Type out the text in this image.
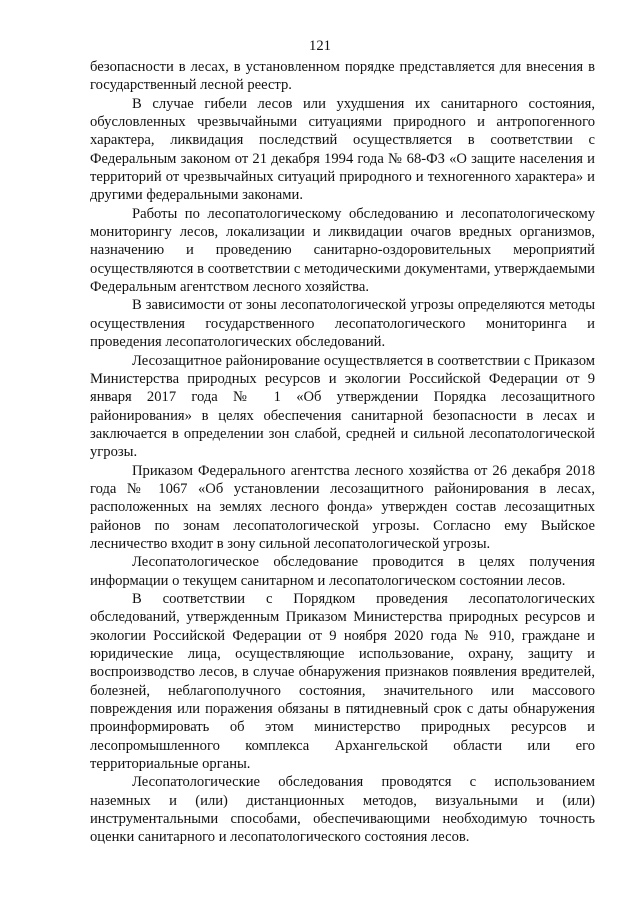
121

безопасности в лесах, в установленном порядке представляется для внесения в государственный лесной реестр.

В случае гибели лесов или ухудшения их санитарного состояния, обусловленных чрезвычайными ситуациями природного и антропогенного характера, ликвидация последствий осуществляется в соответствии с Федеральным законом от 21 декабря 1994 года № 68-ФЗ «О защите населения и территорий от чрезвычайных ситуаций природного и техногенного характера» и другими федеральными законами.

Работы по лесопатологическому обследованию и лесопатологическому мониторингу лесов, локализации и ликвидации очагов вредных организмов, назначению и проведению санитарно-оздоровительных мероприятий осуществляются в соответствии с методическими документами, утверждаемыми Федеральным агентством лесного хозяйства.

В зависимости от зоны лесопатологической угрозы определяются методы осуществления государственного лесопатологического мониторинга и проведения лесопатологических обследований.

Лесозащитное районирование осуществляется в соответствии с Приказом Министерства природных ресурсов и экологии Российской Федерации от 9 января 2017 года № 1 «Об утверждении Порядка лесозащитного районирования» в целях обеспечения санитарной безопасности в лесах и заключается в определении зон слабой, средней и сильной лесопатологической угрозы.

Приказом Федерального агентства лесного хозяйства от 26 декабря 2018 года № 1067 «Об установлении лесозащитного районирования в лесах, расположенных на землях лесного фонда» утвержден состав лесозащитных районов по зонам лесопатологической угрозы. Согласно ему Выйское лесничество входит в зону сильной лесопатологической угрозы.

Лесопатологическое обследование проводится в целях получения информации о текущем санитарном и лесопатологическом состоянии лесов.

В соответствии с Порядком проведения лесопатологических обследований, утвержденным Приказом Министерства природных ресурсов и экологии Российской Федерации от 9 ноября 2020 года № 910, граждане и юридические лица, осуществляющие использование, охрану, защиту и воспроизводство лесов, в случае обнаружения признаков появления вредителей, болезней, неблагополучного состояния, значительного или массового повреждения или поражения обязаны в пятидневный срок с даты обнаружения проинформировать об этом министерство природных ресурсов и лесопромышленного комплекса Архангельской области или его территориальные органы.

Лесопатологические обследования проводятся с использованием наземных и (или) дистанционных методов, визуальными и (или) инструментальными способами, обеспечивающими необходимую точность оценки санитарного и лесопатологического состояния лесов.
